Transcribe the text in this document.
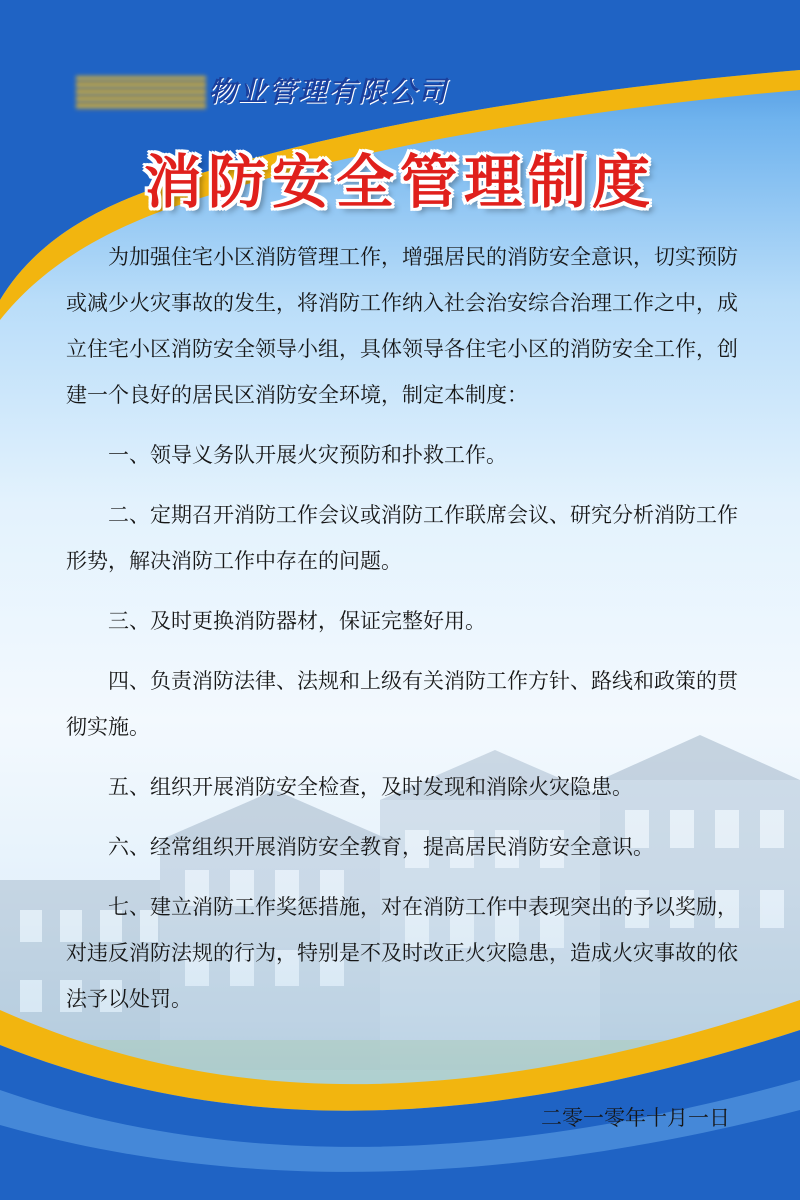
物业管理有限公司
消防安全管理制度

为加强住宅小区消防管理工作，增强居民的消防安全意识，切实预防或减少火灾事故的发生，将消防工作纳入社会治安综合治理工作之中，成立住宅小区消防安全领导小组，具体领导各住宅小区的消防安全工作，创建一个良好的居民区消防安全环境，制定本制度：

一、领导义务队开展火灾预防和扑救工作。

二、定期召开消防工作会议或消防工作联席会议、研究分析消防工作形势，解决消防工作中存在的问题。

三、及时更换消防器材，保证完整好用。

四、负责消防法律、法规和上级有关消防工作方针、路线和政策的贯彻实施。

五、组织开展消防安全检查，及时发现和消除火灾隐患。

六、经常组织开展消防安全教育，提高居民消防安全意识。

七、建立消防工作奖惩措施，对在消防工作中表现突出的予以奖励，对违反消防法规的行为，特别是不及时改正火灾隐患，造成火灾事故的依法予以处罚。

二零一零年十月一日
